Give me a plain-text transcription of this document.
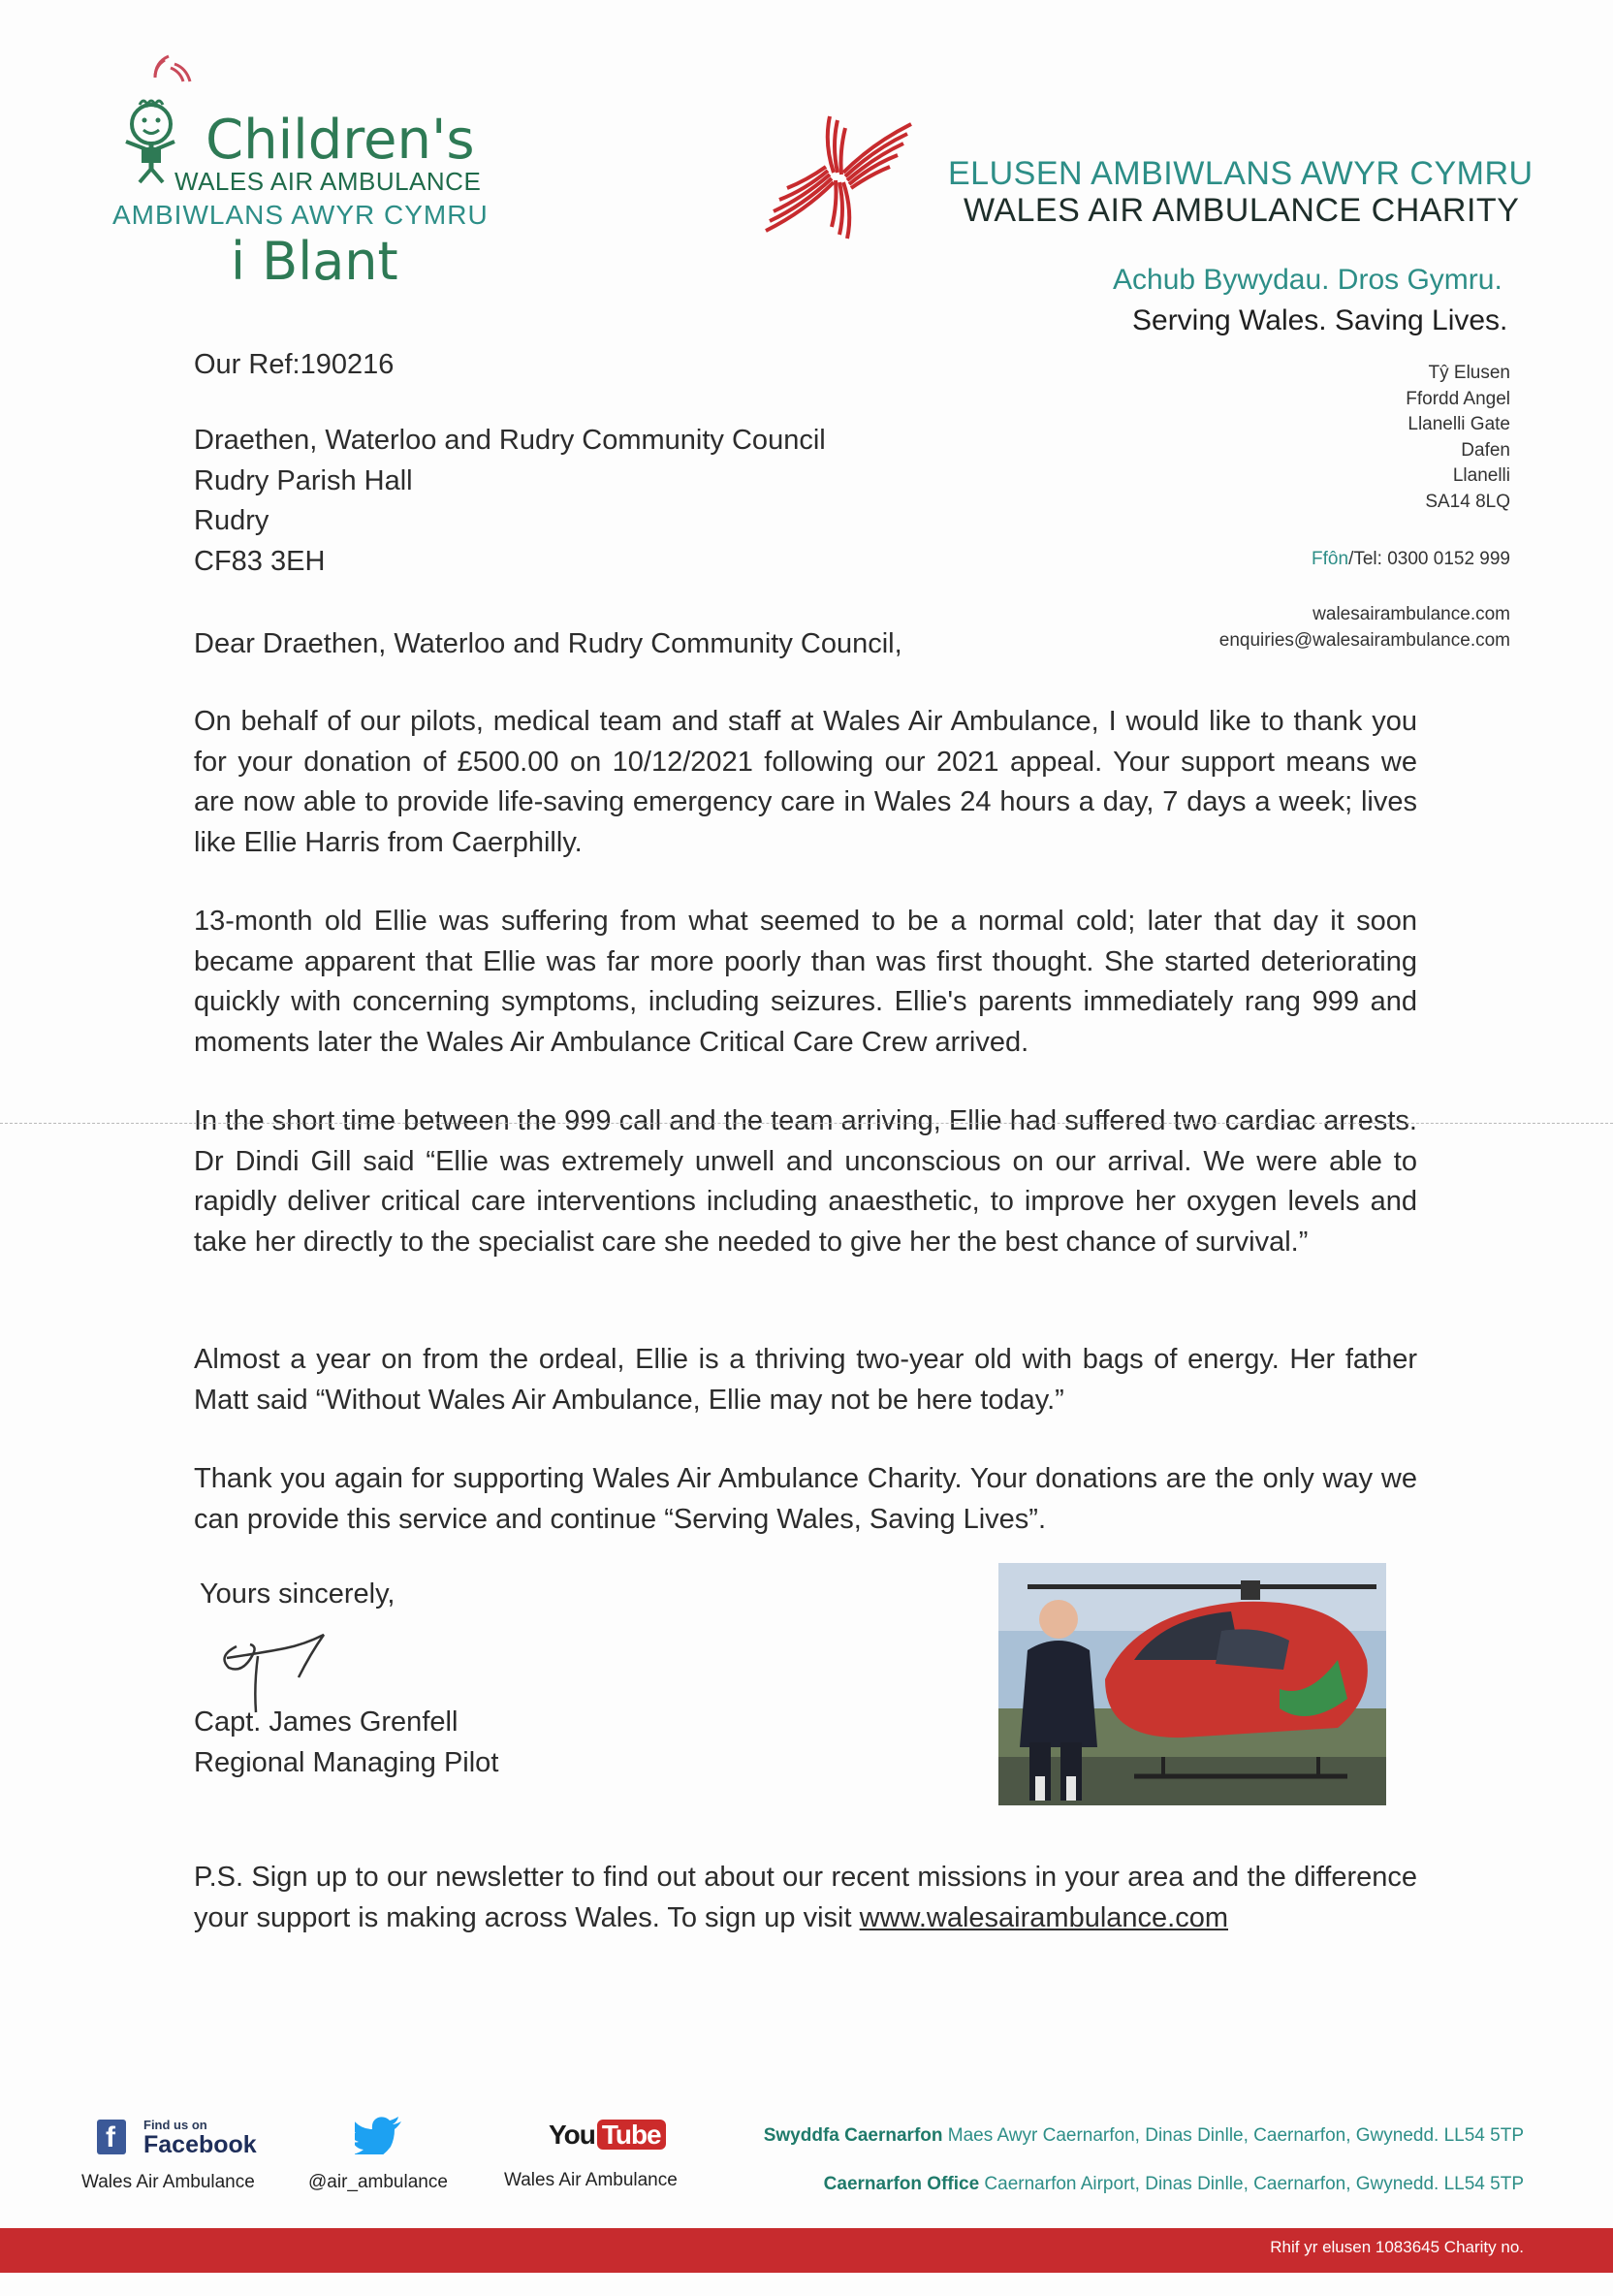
Children's
WALES AIR AMBULANCE
AMBIWLANS AWYR CYMRU
i Blant
ELUSEN AMBIWLANS AWYR CYMRU
WALES AIR AMBULANCE CHARITY
Achub Bywydau. Dros Gymru.
Serving Wales. Saving Lives.
Tŷ Elusen
Ffordd Angel
Llanelli Gate
Dafen
Llanelli
SA14 8LQ
Ffôn/Tel: 0300 0152 999
walesairambulance.com
enquiries@walesairambulance.com
Our Ref:190216
Draethen, Waterloo and Rudry Community Council
Rudry Parish Hall
Rudry
CF83 3EH
Dear Draethen, Waterloo and Rudry Community Council,
On behalf of our pilots, medical team and staff at Wales Air Ambulance, I would like to thank you for your donation of £500.00 on 10/12/2021 following our 2021 appeal. Your support means we are now able to provide life-saving emergency care in Wales 24 hours a day, 7 days a week; lives like Ellie Harris from Caerphilly.
13-month old Ellie was suffering from what seemed to be a normal cold; later that day it soon became apparent that Ellie was far more poorly than was first thought. She started deteriorating quickly with concerning symptoms, including seizures. Ellie's parents immediately rang 999 and moments later the Wales Air Ambulance Critical Care Crew arrived.
In the short time between the 999 call and the team arriving, Ellie had suffered two cardiac arrests. Dr Dindi Gill said “Ellie was extremely unwell and unconscious on our arrival. We were able to rapidly deliver critical care interventions including anaesthetic, to improve her oxygen levels and take her directly to the specialist care she needed to give her the best chance of survival.”
Almost a year on from the ordeal, Ellie is a thriving two-year old with bags of energy. Her father Matt said “Without Wales Air Ambulance, Ellie may not be here today.”
Thank you again for supporting Wales Air Ambulance Charity. Your donations are the only way we can provide this service and continue “Serving Wales, Saving Lives”.
Yours sincerely,
Capt. James Grenfell
Regional Managing Pilot
P.S. Sign up to our newsletter to find out about our recent missions in your area and the difference your support is making across Wales. To sign up visit www.walesairambulance.com
f Find us on
Facebook
Wales Air Ambulance	@air_ambulance
You Tube
Wales Air Ambulance
Swyddfa Caernarfon Maes Awyr Caernarfon, Dinas Dinlle, Caernarfon, Gwynedd. LL54 5TP
Caernarfon Office Caernarfon Airport, Dinas Dinlle, Caernarfon, Gwynedd. LL54 5TP
Rhif yr elusen 1083645 Charity no.
